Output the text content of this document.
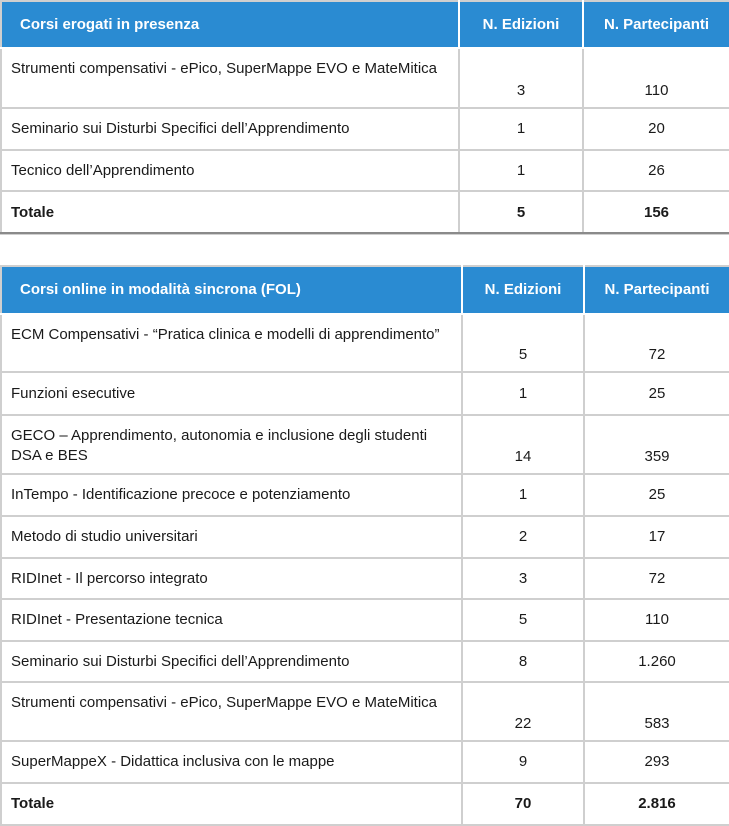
Corsi erogati in presenza	N. Edizioni	N. Partecipanti
Strumenti compensativi - ePico, SuperMappe EVO e MateMitica	3	110
Seminario sui Disturbi Specifici dell’Apprendimento	1	20
Tecnico dell’Apprendimento	1	26
Totale	5	156
Corsi online in modalità sincrona (FOL)	N. Edizioni	N. Partecipanti
ECM Compensativi - “Pratica clinica e modelli di apprendimento”	5	72
Funzioni esecutive	1	25
GECO – Apprendimento, autonomia e inclusione degli studenti DSA e BES	14	359
InTempo - Identificazione precoce e potenziamento	1	25
Metodo di studio universitari	2	17
RIDInet - Il percorso integrato	3	72
RIDInet - Presentazione tecnica	5	110
Seminario sui Disturbi Specifici dell’Apprendimento	8	1.260
Strumenti compensativi - ePico, SuperMappe EVO e MateMitica	22	583
SuperMappeX - Didattica inclusiva con le mappe	9	293
Totale	70	2.816
